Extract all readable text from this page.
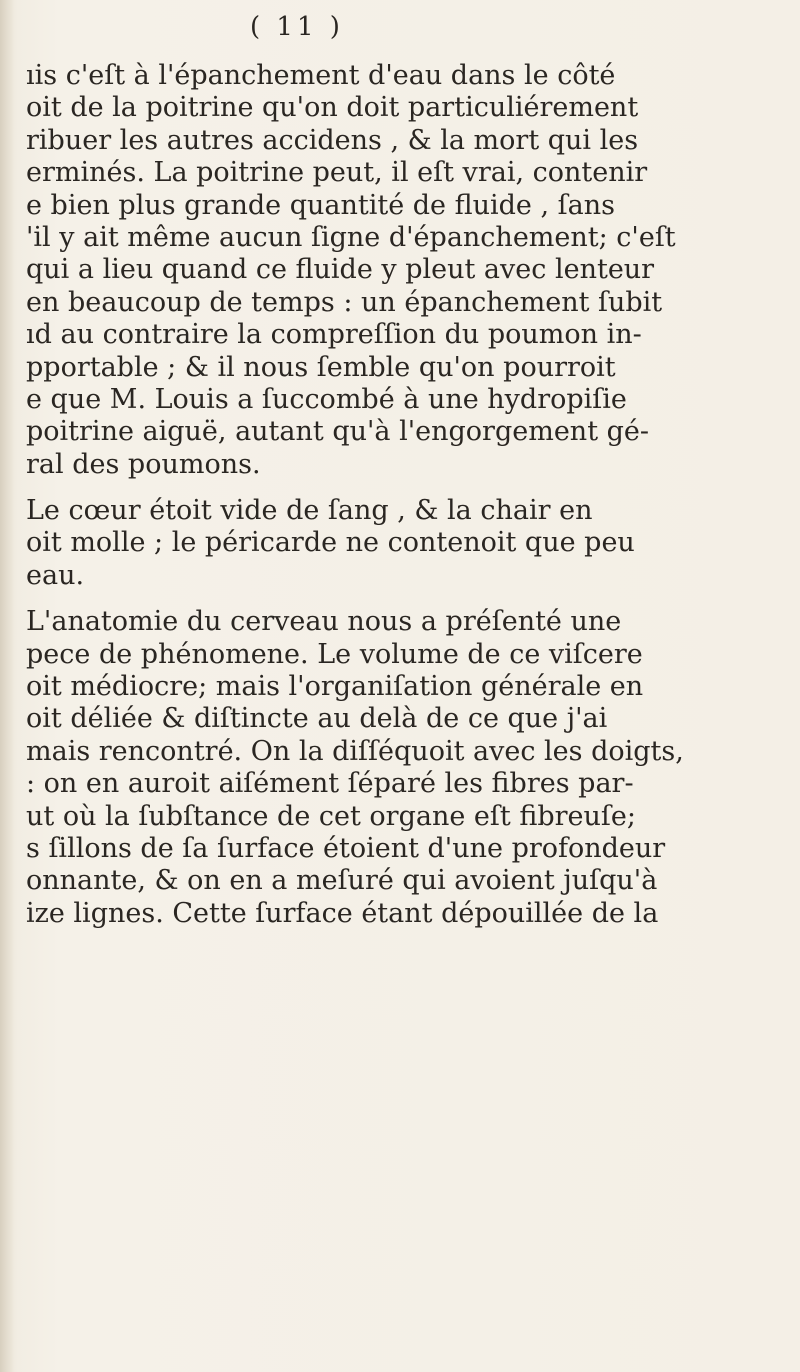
( 11 )
ıis c'eſt à l'épanchement d'eau dans le côté
oit de la poitrine qu'on doit particuliérement
ribuer les autres accidens , & la mort qui les
erminés. La poitrine peut, il eſt vrai, contenir
e bien plus grande quantité de fluide , ſans
'il y ait même aucun ſigne d'épanchement; c'eſt
qui a lieu quand ce fluide y pleut avec lenteur
en beaucoup de temps : un épanchement ſubit
ıd au contraire la compreſſion du poumon in-
pportable ; & il nous ſemble qu'on pourroit
e que M. Louis a ſuccombé à une hydropiſie
poitrine aiguë, autant qu'à l'engorgement gé-
ral des poumons.
Le cœur étoit vide de ſang , & la chair en
oit molle ; le péricarde ne contenoit que peu
eau.
L'anatomie du cerveau nous a préſenté une
pece de phénomene. Le volume de ce viſcere
oit médiocre; mais l'organiſation générale en
oit déliée & diſtincte au delà de ce que j'ai
mais rencontré. On la diſſéquoit avec les doigts,
: on en auroit aiſément ſéparé les fibres par-
ut où la ſubſtance de cet organe eſt fibreuſe;
s ſillons de ſa ſurface étoient d'une profondeur
onnante, & on en a meſuré qui avoient juſqu'à
ize lignes. Cette ſurface étant dépouillée de la
